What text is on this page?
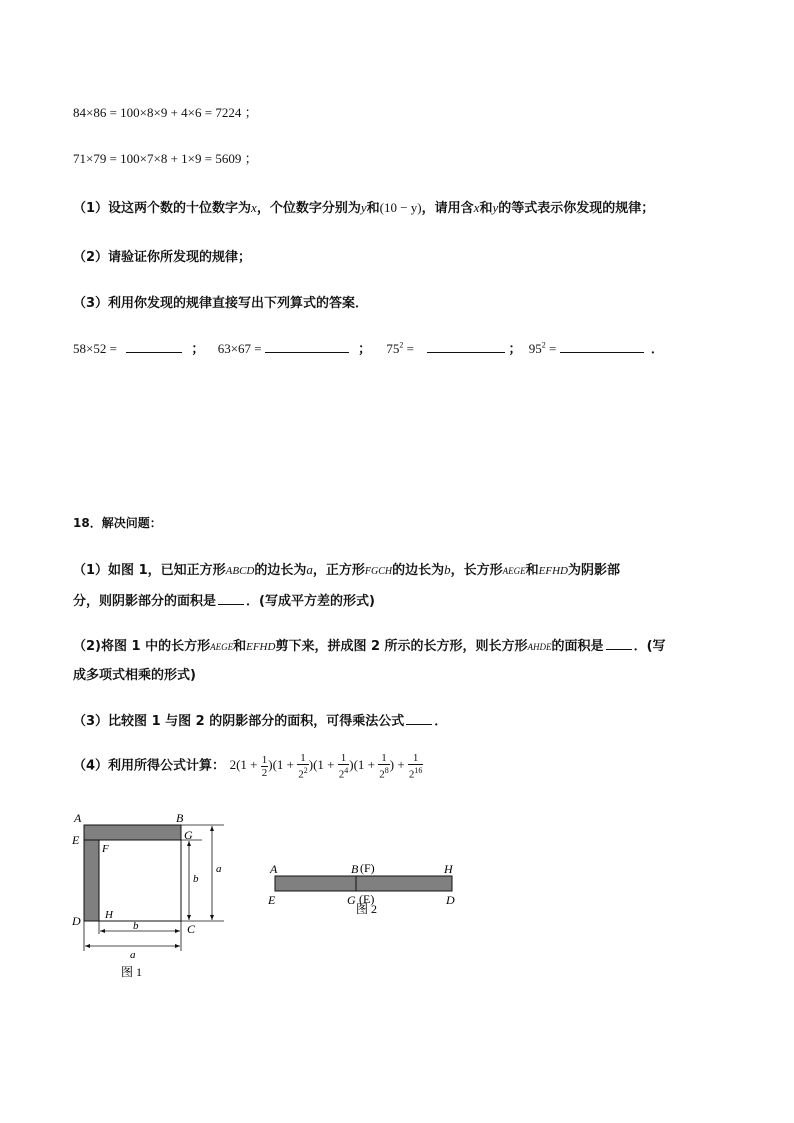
84×86 = 100×8×9 + 4×6 = 7224 ；
71×79 = 100×7×8 + 1×9 = 5609 ；
（1）设这两个数的十位数字为x，个位数字分别为y和(10 − y)，请用含x和y的等式表示你发现的规律；
（2）请验证你所发现的规律；
（3）利用你发现的规律直接写出下列算式的答案．
58×52 =	； 63×67 =	； $75^2$ =	； $95^2$ =	．
18．解决问题：
（1）如图 1，已知正方形ABCD的边长为a，正方形FGCH的边长为b，长方形AEGE和EFHD为阴影部
分，则阴影部分的面积是 ．(写成平方差的形式)
（2)将图 1 中的长方形AEGE和EFHD剪下来，拼成图 2 所示的长方形，则长方形AHDE的面积是 ．(写
成多项式相乘的形式)
（3）比较图 1 与图 2 的阴影部分的面积，可得乘法公式 ．
（4）利用所得公式计算： $2(1 + \frac{1}{2} )(1 + \frac{1}{2^2} )(1 + \frac{1}{2^4} )(1 + \frac{1}{2^8}$ ) + $\frac{1}{2^{16}}$
A	B
E	G
F
D H
C
b
a
b
a
图 1
A	B (F)	H
E	G (E)	D
图 2
